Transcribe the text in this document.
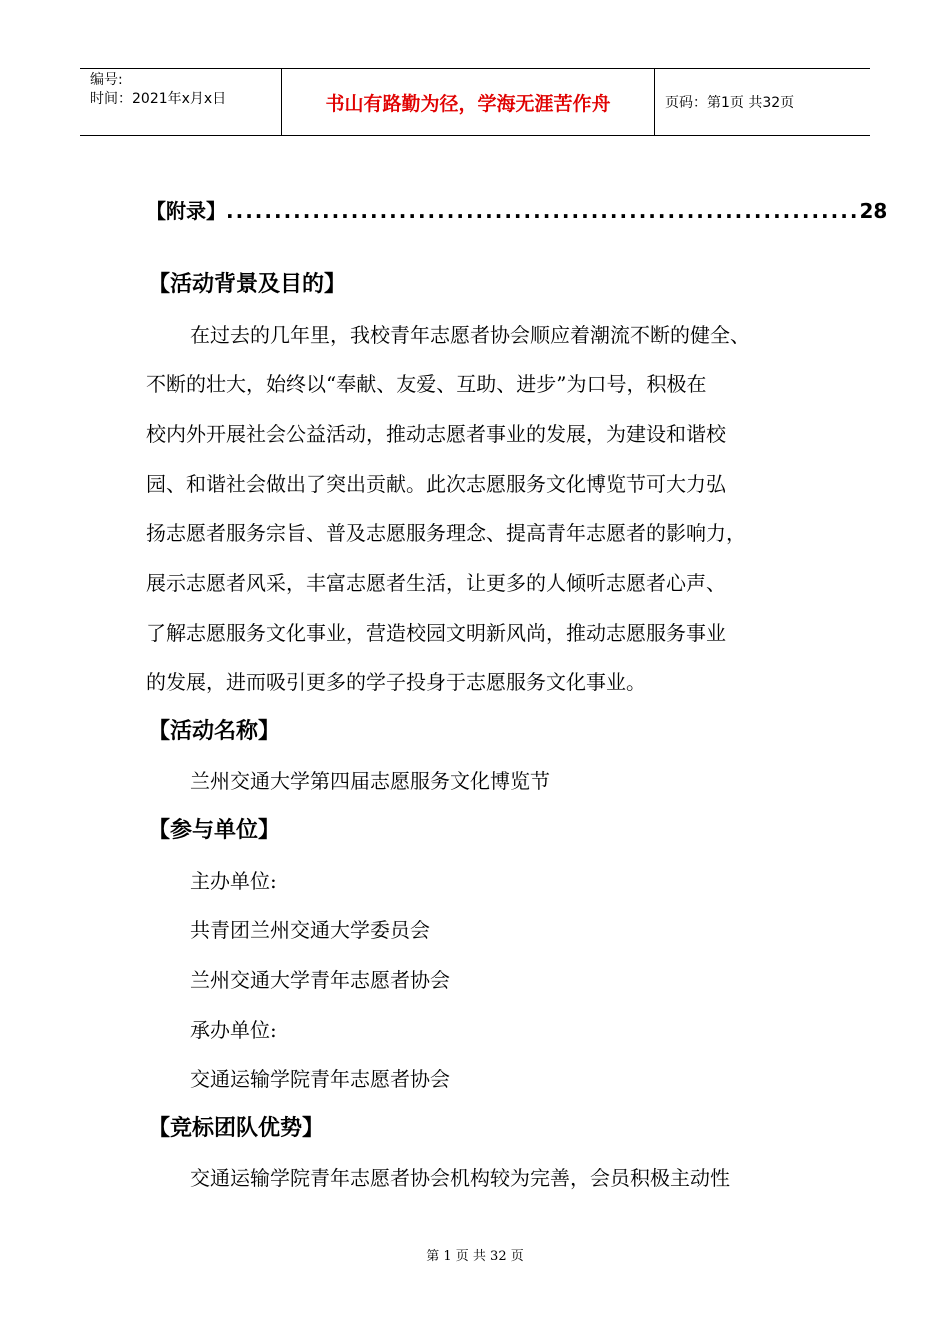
编号:
时间：2021年x月x日	书山有路勤为径，学海无涯苦作舟	页码：第1页 共32页
【附录】 .................................................................. 28
【活动背景及目的】
在过去的几年里，我校青年志愿者协会顺应着潮流不断的健全、
不断的壮大，始终以“奉献、友爱、互助、进步”为口号，积极在
校内外开展社会公益活动，推动志愿者事业的发展，为建设和谐校
园、和谐社会做出了突出贡献。此次志愿服务文化博览节可大力弘
扬志愿者服务宗旨、普及志愿服务理念、提高青年志愿者的影响力，
展示志愿者风采，丰富志愿者生活，让更多的人倾听志愿者心声、
了解志愿服务文化事业，营造校园文明新风尚，推动志愿服务事业
的发展，进而吸引更多的学子投身于志愿服务文化事业。
【活动名称】
兰州交通大学第四届志愿服务文化博览节
【参与单位】
主办单位:
共青团兰州交通大学委员会
兰州交通大学青年志愿者协会
承办单位:
交通运输学院青年志愿者协会
【竞标团队优势】
交通运输学院青年志愿者协会机构较为完善，会员积极主动性
第 1 页 共 32 页
